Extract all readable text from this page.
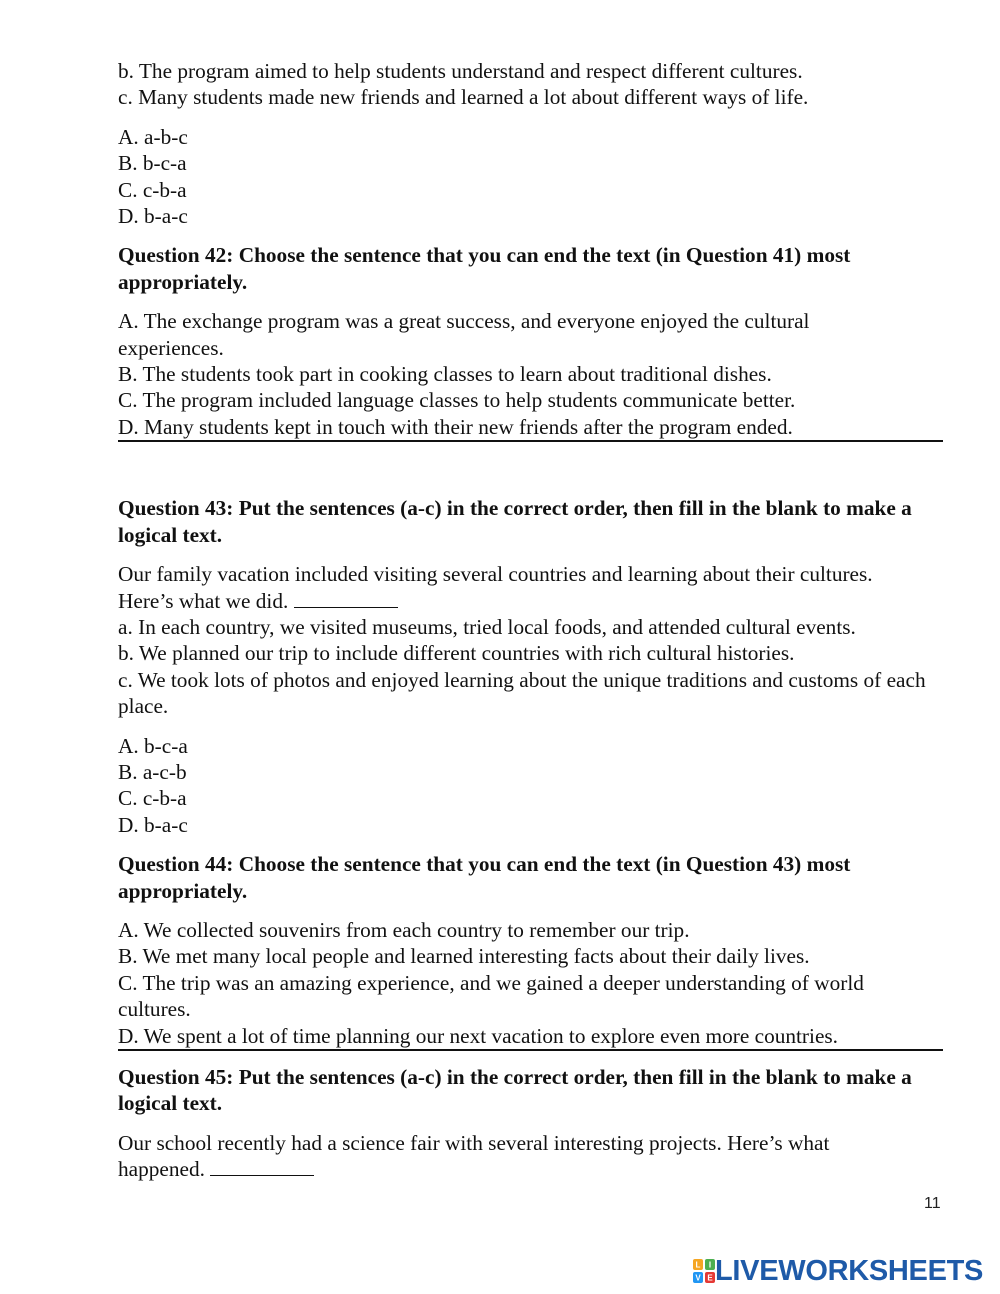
b. The program aimed to help students understand and respect different cultures.

c. Many students made new friends and learned a lot about different ways of life.

A. a-b-c

B. b-c-a

C. c-b-a

D. b-a-c

Question 42: Choose the sentence that you can end the text (in Question 41) most appropriately.

A. The exchange program was a great success, and everyone enjoyed the cultural experiences.

B. The students took part in cooking classes to learn about traditional dishes.

C. The program included language classes to help students communicate better.

D. Many students kept in touch with their new friends after the program ended.

Question 43: Put the sentences (a-c) in the correct order, then fill in the blank to make a logical text.

Our family vacation included visiting several countries and learning about their cultures.

Here’s what we did.

a. In each country, we visited museums, tried local foods, and attended cultural events.

b. We planned our trip to include different countries with rich cultural histories.

c. We took lots of photos and enjoyed learning about the unique traditions and customs of each place.

A. b-c-a

B. a-c-b

C. c-b-a

D. b-a-c

Question 44: Choose the sentence that you can end the text (in Question 43) most appropriately.

A. We collected souvenirs from each country to remember our trip.

B. We met many local people and learned interesting facts about their daily lives.

C. The trip was an amazing experience, and we gained a deeper understanding of world cultures.

D. We spent a lot of time planning our next vacation to explore even more countries.

Question 45: Put the sentences (a-c) in the correct order, then fill in the blank to make a logical text.

Our school recently had a science fair with several interesting projects. Here’s what

happened.

11
L I
V E LIVEWORKSHEETS
